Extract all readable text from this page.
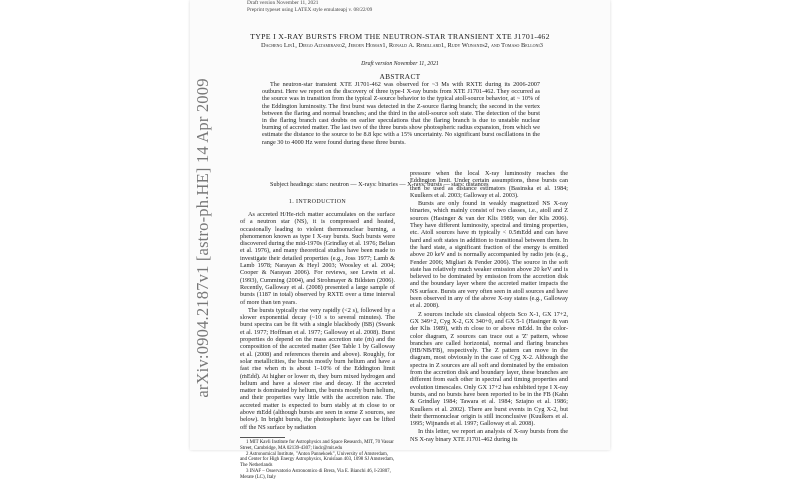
Draft version November 11, 2021
Preprint typeset using LATEX style emulateapj v. 08/22/09
TYPE I X-RAY BURSTS FROM THE NEUTRON-STAR TRANSIENT XTE J1701-462
Dacheng Lin1, Diego Altamirano2, Jeroen Homan1, Ronald A. Remillard1, Rudy Wijnands2, and Tomaso Belloni3
Draft version November 11, 2021
ABSTRACT

The neutron-star transient XTE J1701-462 was observed for ~3 Ms with RXTE during its 2006-2007 outburst. Here we report on the discovery of three type-I X-ray bursts from XTE J1701-462. They occurred as the source was in transition from the typical Z-source behavior to the typical atoll-source behavior, at ~ 10% of the Eddington luminosity. The first burst was detected in the Z-source flaring branch; the second in the vertex between the flaring and normal branches; and the third in the atoll-source soft state. The detection of the burst in the flaring branch cast doubts on earlier speculations that the flaring branch is due to unstable nuclear burning of accreted matter. The last two of the three bursts show photospheric radius expansion, from which we estimate the distance to the source to be 8.8 kpc with a 15% uncertainty. No significant burst oscillations in the range 30 to 4000 Hz were found during these three bursts.

Subject headings: stars: neutron — X-rays: binaries — X-rays: bursts — stars: distances

1. INTRODUCTION

As accreted H/He-rich matter accumulates on the surface of a neutron star (NS), it is compressed and heated, occasionally leading to violent thermonuclear burning, a phenomenon known as type I X-ray bursts. Such bursts were discovered during the mid-1970s (Grindlay et al. 1976; Belian et al. 1976), and many theoretical studies have been made to investigate their detailed properties (e.g., Joss 1977; Lamb & Lamb 1978; Narayan & Heyl 2003; Woosley et al. 2004; Cooper & Narayan 2006). For reviews, see Lewin et al. (1993), Cumming (2004), and Strohmayer & Bildsten (2006). Recently, Galloway et al. (2008) presented a large sample of bursts (1187 in total) observed by RXTE over a time interval of more than ten years.

The bursts typically rise very rapidly (<2 s), followed by a slower exponential decay (~10 s to several minutes). The burst spectra can be fit with a single blackbody (BB) (Swank et al. 1977; Hoffman et al. 1977; Galloway et al. 2008). Burst properties do depend on the mass accretion rate (ṁ) and the composition of the accreted matter (See Table 1 by Galloway et al. (2008) and references therein and above). Roughly, for solar metallicities, the bursts mostly burn helium and have a fast rise when ṁ is about 1–10% of the Eddington limit (ṁEdd). At higher or lower ṁ, they burn mixed hydrogen and helium and have a slower rise and decay. If the accreted matter is dominated by helium, the bursts mostly burn helium, and their properties vary little with the accretion rate. The accreted matter is expected to burn stably at ṁ close to or above ṁEdd (although bursts are seen in some Z sources, see below). In bright bursts, the photospheric layer can be lifted off the NS surface by radiation

1 MIT Kavli Institute for Astrophysics and Space Research, MIT, 70 Vassar Street, Cambridge, MA 02139-4307; lindc@mit.edu

2 Astronomical Institute, "Anton Pannekoek", University of Amsterdam, and Center for High Energy Astrophysics, Kruislaan 403, 1098 SJ Amsterdam, The Netherlands

3 INAF – Osservatorio Astronomico di Brera, Via E. Bianchi 46, I-23807, Merate (LC), Italy

pressure when the local X-ray luminosity reaches the Eddington limit. Under certain assumptions, these bursts can then be used as distance estimators (Basinska et al. 1984; Kuulkers et al. 2003; Galloway et al. 2003).

Bursts are only found in weakly magnetized NS X-ray binaries, which mainly consist of two classes, i.e., atoll and Z sources (Hasinger & van der Klis 1989; van der Klis 2006). They have different luminosity, spectral and timing properties, etc. Atoll sources have ṁ typically < 0.5ṁEdd and can have hard and soft states in addition to transitional between them. In the hard state, a significant fraction of the energy is emitted above 20 keV and is normally accompanied by radio jets (e.g., Fender 2006; Migliari & Fender 2006). The source in the soft state has relatively much weaker emission above 20 keV and is believed to be dominated by emission from the accretion disk and the boundary layer where the accreted matter impacts the NS surface. Bursts are very often seen in atoll sources and have been observed in any of the above X-ray states (e.g., Galloway et al. 2008).

Z sources include six classical objects Sco X-1, GX 17+2, GX 349+2, Cyg X-2, GX 340+0, and GX 5-1 (Hasinger & van der Klis 1989), with ṁ close to or above ṁEdd. In the color-color diagram, Z sources can trace out a 'Z' pattern, whose branches are called horizontal, normal and flaring branches (HB/NB/FB), respectively. The Z pattern can move in the diagram, most obviously in the case of Cyg X-2. Although the spectra in Z sources are all soft and dominated by the emission from the accretion disk and boundary layer, these branches are different from each other in spectral and timing properties and evolution timescales. Only GX 17+2 has exhibited type I X-ray bursts, and no bursts have been reported to be in the FB (Kahn & Grindlay 1984; Tawara et al. 1984; Sztajno et al. 1986; Kuulkers et al. 2002). There are burst events in Cyg X-2, but their thermonuclear origin is still inconclusive (Kuulkers et al. 1995; Wijnands et al. 1997; Galloway et al. 2008).

In this letter, we report an analysis of X-ray bursts from the NS X-ray binary XTE J1701-462 during its

arXiv:0904.2187v1 [astro-ph.HE] 14 Apr 2009
